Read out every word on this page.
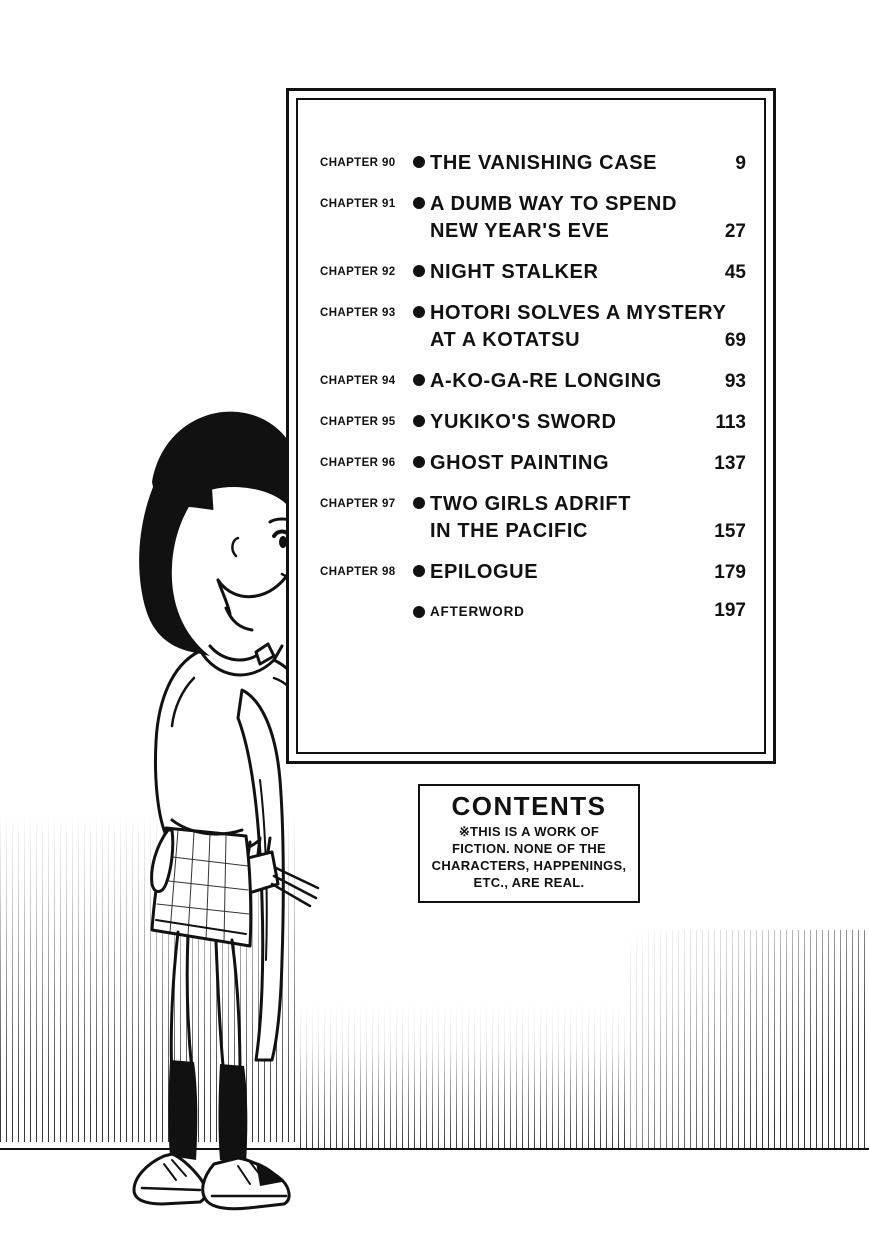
CHAPTER 90	THE VANISHING CASE	9
CHAPTER 91	A DUMB WAY TO SPEND
NEW YEAR'S EVE	27
CHAPTER 92	NIGHT STALKER	45
CHAPTER 93	HOTORI SOLVES A MYSTERY
AT A KOTATSU	69
CHAPTER 94	A-KO-GA-RE LONGING	93
CHAPTER 95	YUKIKO'S SWORD	113
CHAPTER 96	GHOST PAINTING	137
CHAPTER 97	TWO GIRLS ADRIFT
IN THE PACIFIC	157
CHAPTER 98	EPILOGUE	179
AFTERWORD	197
CONTENTS
※THIS IS A WORK OF
FICTION. NONE OF THE
CHARACTERS, HAPPENINGS,
ETC., ARE REAL.
